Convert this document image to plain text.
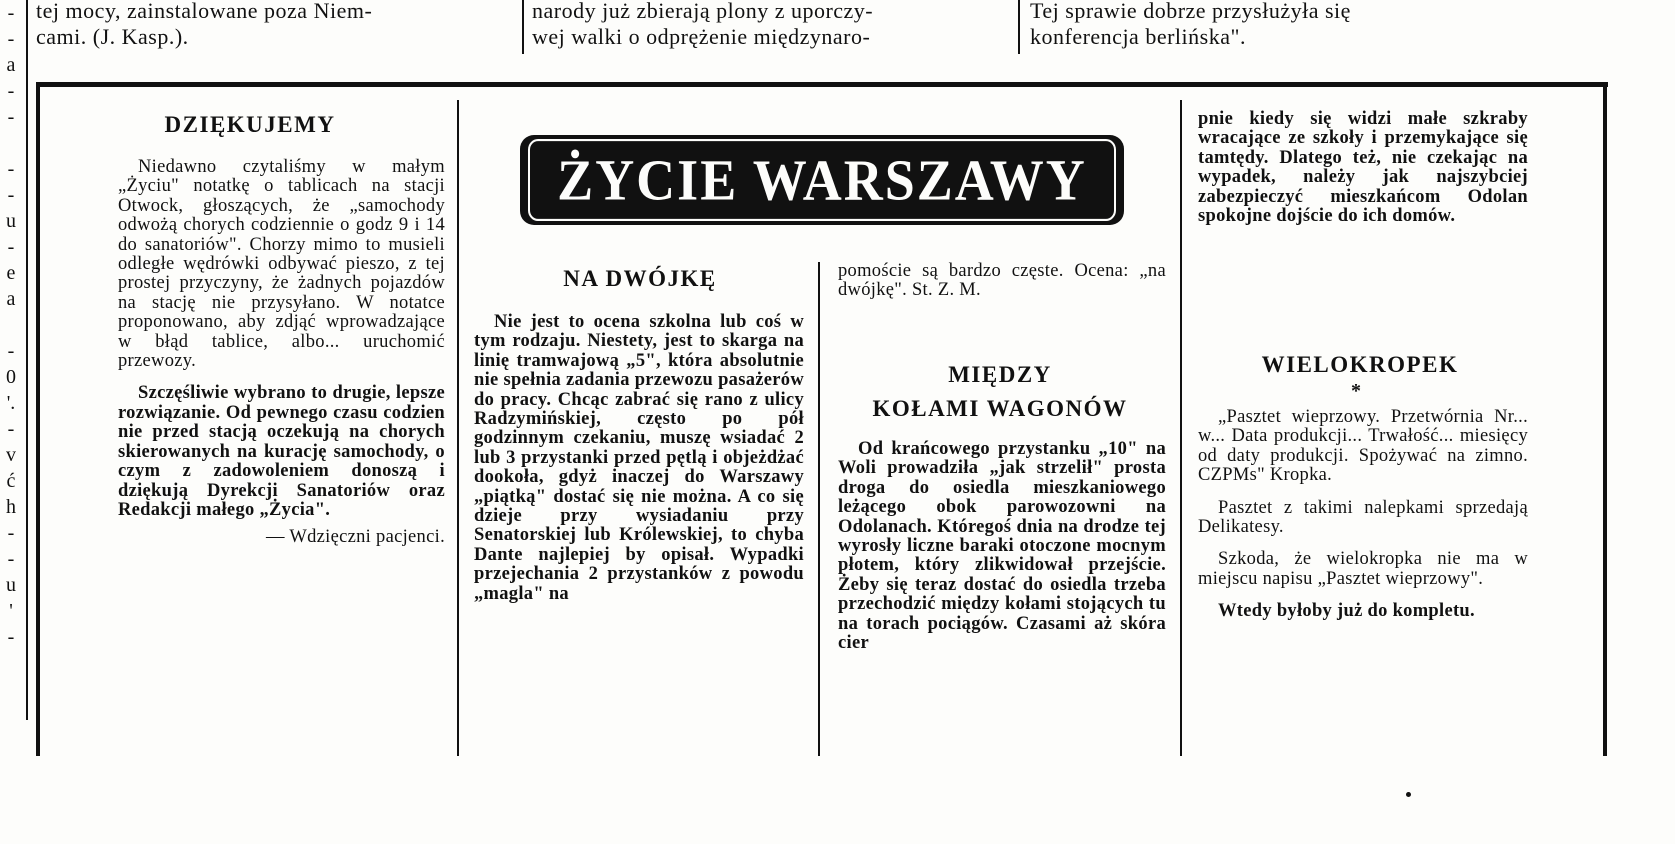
tej mocy, zainstalowane poza Niem-
cami. (J. Kasp.).
narody już zbierają plony z uporczy-
wej walki o odprężenie międzynaro-
Tej sprawie dobrze przysłużyła się
konferencja berlińska".
-
-
a
-
-
-
-
u
-
e
a
-
0
'.
-
v
ć
h
-
-
u
'
-
DZIĘKUJEMY

Niedawno czytaliśmy w małym „Życiu" notatkę o tablicach na stacji Otwock, głoszących, że „samochody odwożą chorych codziennie o godz 9 i 14 do sanatoriów". Chorzy mimo to musieli odległe wędrówki odbywać pieszo, z tej prostej przyczyny, że żadnych pojazdów na stację nie przysyłano. W notatce proponowano, aby zdjąć wprowadzające w błąd tablice, albo... uruchomić przewozy.

Szczęśliwie wybrano to drugie, lepsze rozwiązanie. Od pewnego czasu codzien nie przed stacją oczekują na chorych skierowanych na kurację samochody, o czym z zadowoleniem donoszą i dziękują Dyrekcji Sanatoriów oraz Redakcji małego „Życia".

— Wdzięczni pacjenci.

ŻYCIE WARSZAWY
NA DWÓJKĘ

Nie jest to ocena szkolna lub coś w tym rodzaju. Niestety, jest to skarga na linię tramwajową „5", która absolutnie nie spełnia zadania przewozu pasażerów do pracy. Chcąc zabrać się rano z ulicy Radzymińskiej, często po pół godzinnym czekaniu, muszę wsiadać 2 lub 3 przystanki przed pętlą i objeżdżać dookoła, gdyż inaczej do Warszawy „piątką" dostać się nie można. A co się dzieje przy wysiadaniu przy Senatorskiej lub Królewskiej, to chyba Dante najlepiej by opisał. Wypadki przejechania 2 przystanków z powodu „magla" na

pomoście są bardzo częste. Ocena: „na dwójkę". St. Z. M.

MIĘDZY
KOŁAMI WAGONÓW

Od krańcowego przystanku „10" na Woli prowadziła „jak strzelił" prosta droga do osiedla mieszkaniowego leżącego obok parowozowni na Odolanach. Któregoś dnia na drodze tej wyrosły liczne baraki otoczone mocnym płotem, który zlikwidował przejście. Żeby się teraz dostać do osiedla trzeba przechodzić między kołami stojących tu na torach pociągów. Czasami aż skóra cier

pnie kiedy się widzi małe szkraby wracające ze szkoły i przemykające się tamtędy. Dlatego też, nie czekając na wypadek, należy jak najszybciej zabezpieczyć mieszkańcom Odolan spokojne dojście do ich domów.

WIELOKROPEK
*

„Pasztet wieprzowy. Przetwórnia Nr... w... Data produkcji... Trwałość... miesięcy od daty produkcji. Spożywać na zimno. CZPMs" Kropka.

Pasztet z takimi nalepkami sprzedają Delikatesy.

Szkoda, że wielokropka nie ma w miejscu napisu „Pasztet wieprzowy".

Wtedy byłoby już do kompletu.
